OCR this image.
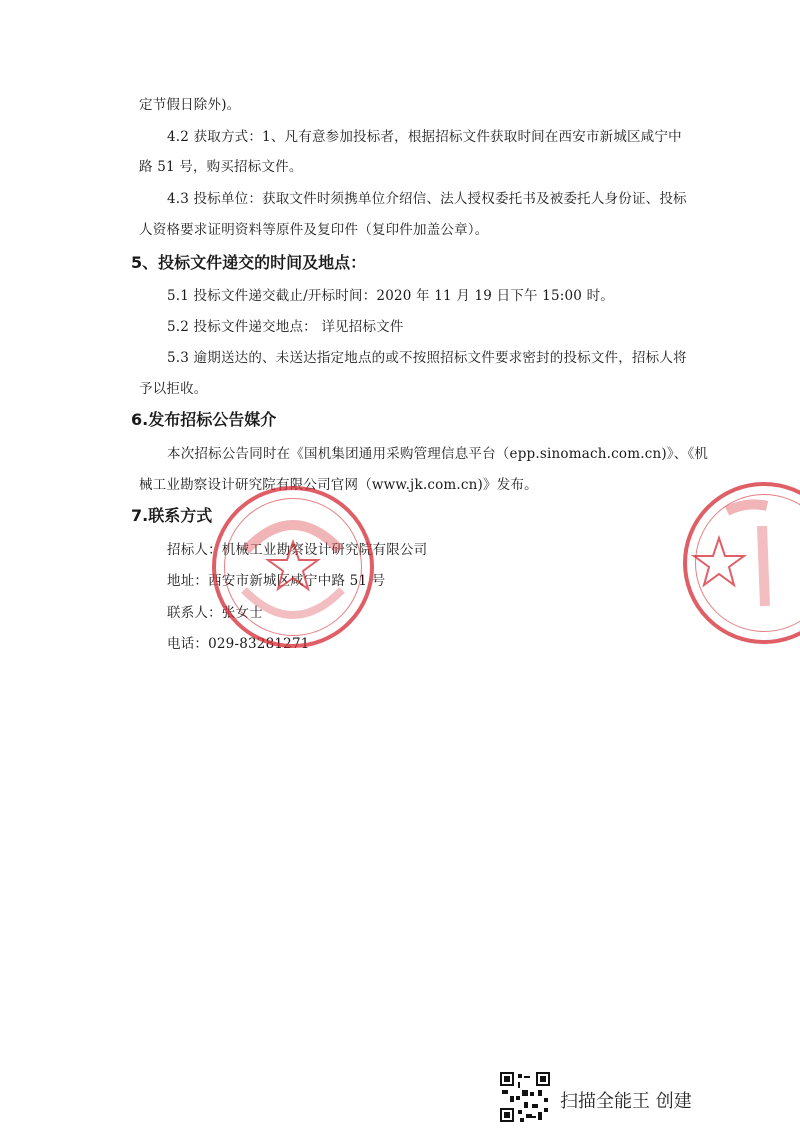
定节假日除外)。
4.2 获取方式：1、凡有意参加投标者，根据招标文件获取时间在西安市新城区咸宁中
路 51 号，购买招标文件。
4.3 投标单位：获取文件时须携单位介绍信、法人授权委托书及被委托人身份证、投标
人资格要求证明资料等原件及复印件（复印件加盖公章）。
5、投标文件递交的时间及地点：
5.1 投标文件递交截止/开标时间：2020 年 11 月 19 日下午 15:00 时。
5.2 投标文件递交地点： 详见招标文件
5.3 逾期送达的、未送达指定地点的或不按照招标文件要求密封的投标文件，招标人将
予以拒收。
6.发布招标公告媒介
本次招标公告同时在《国机集团通用采购管理信息平台（epp.sinomach.com.cn)》、《机
械工业勘察设计研究院有限公司官网（www.jk.com.cn)》发布。
7.联系方式
招标人：机械工业勘察设计研究院有限公司
地址：西安市新城区咸宁中路 51 号
联系人：张女士
电话：029-83281271
扫描全能王 创建
